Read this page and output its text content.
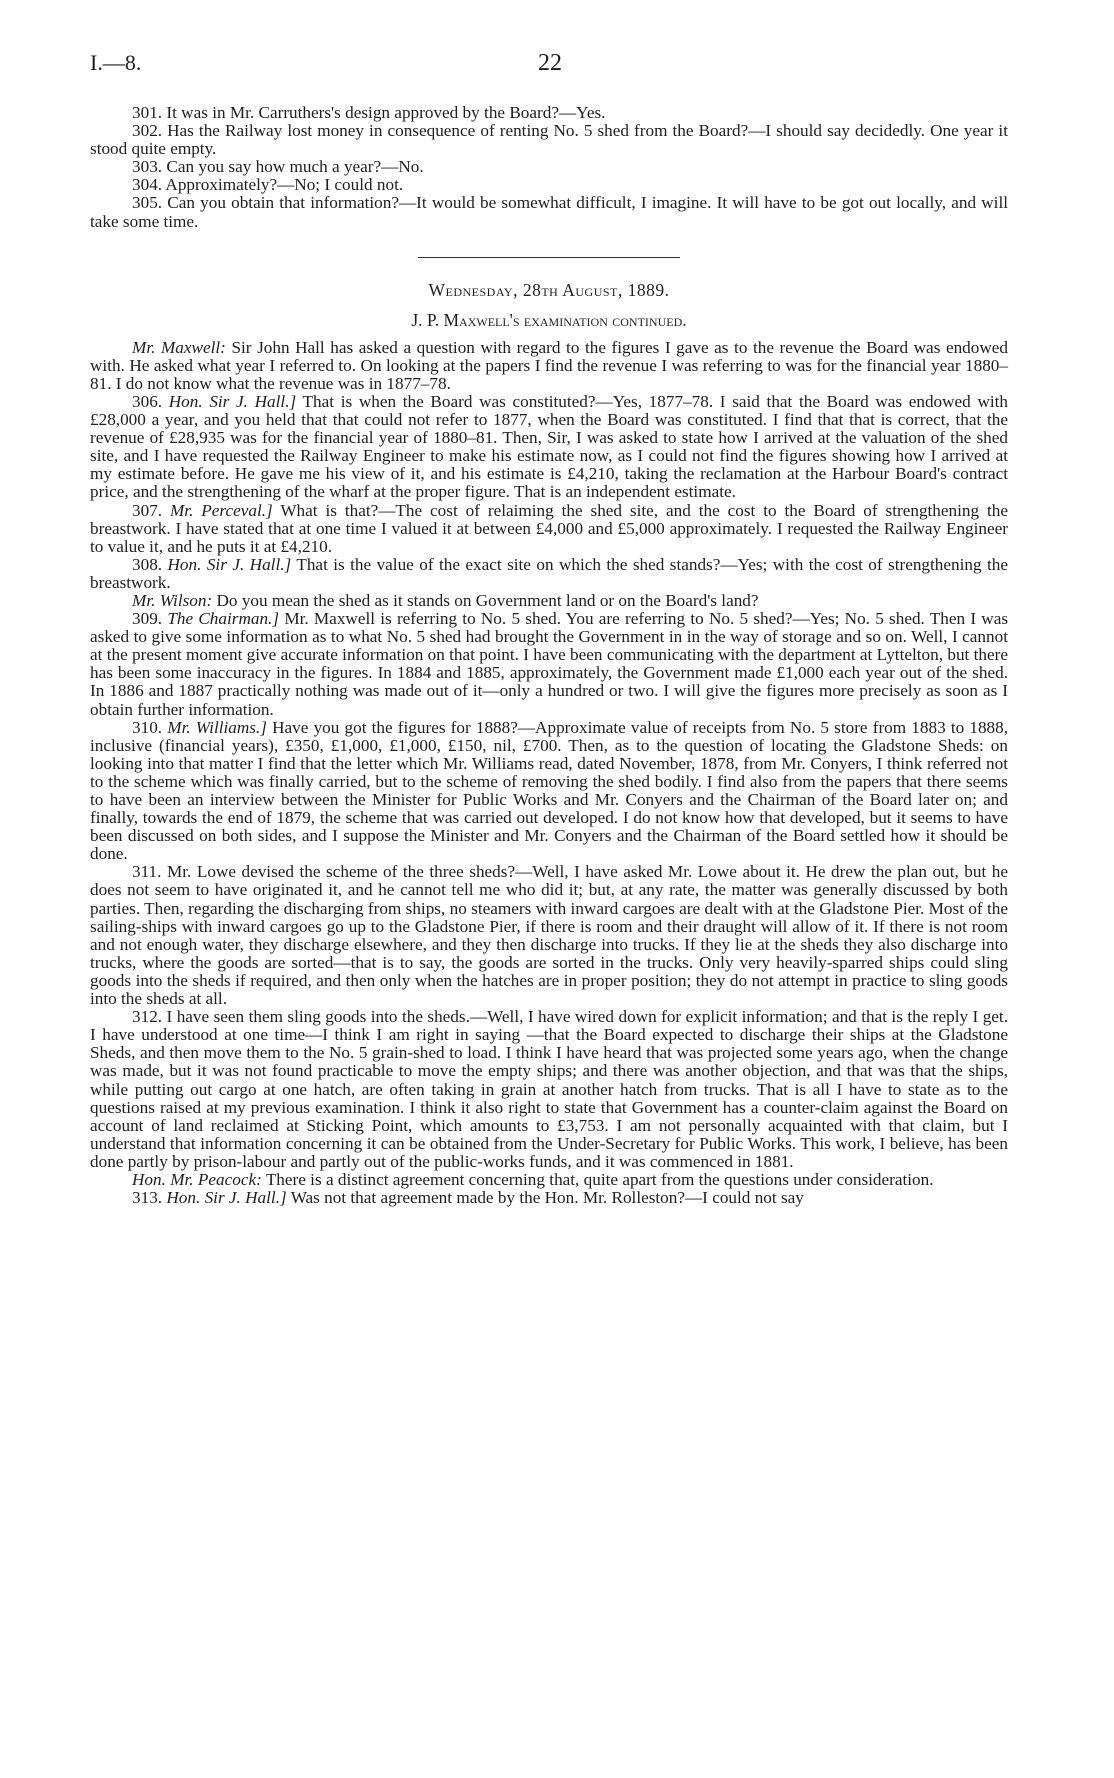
I.—8.	22

301. It was in Mr. Carruthers's design approved by the Board?—Yes.

302. Has the Railway lost money in consequence of renting No. 5 shed from the Board?—I should say decidedly. One year it stood quite empty.

303. Can you say how much a year?—No.

304. Approximately?—No; I could not.

305. Can you obtain that information?—It would be somewhat difficult, I imagine. It will have to be got out locally, and will take some time.

Wednesday, 28th August, 1889.
J. P. Maxwell's examination continued.

Mr. Maxwell: Sir John Hall has asked a question with regard to the figures I gave as to the revenue the Board was endowed with. He asked what year I referred to. On looking at the papers I find the revenue I was referring to was for the financial year 1880–81. I do not know what the revenue was in 1877–78.

306. Hon. Sir J. Hall.] That is when the Board was constituted?—Yes, 1877–78. I said that the Board was endowed with £28,000 a year, and you held that that could not refer to 1877, when the Board was constituted. I find that that is correct, that the revenue of £28,935 was for the financial year of 1880–81. Then, Sir, I was asked to state how I arrived at the valuation of the shed site, and I have requested the Railway Engineer to make his estimate now, as I could not find the figures showing how I arrived at my estimate before. He gave me his view of it, and his estimate is £4,210, taking the reclamation at the Harbour Board's contract price, and the strengthening of the wharf at the proper figure. That is an independent estimate.

307. Mr. Perceval.] What is that?—The cost of relaiming the shed site, and the cost to the Board of strengthening the breastwork. I have stated that at one time I valued it at between £4,000 and £5,000 approximately. I requested the Railway Engineer to value it, and he puts it at £4,210.

308. Hon. Sir J. Hall.] That is the value of the exact site on which the shed stands?—Yes; with the cost of strengthening the breastwork.

Mr. Wilson: Do you mean the shed as it stands on Government land or on the Board's land?

309. The Chairman.] Mr. Maxwell is referring to No. 5 shed. You are referring to No. 5 shed?—Yes; No. 5 shed. Then I was asked to give some information as to what No. 5 shed had brought the Government in in the way of storage and so on. Well, I cannot at the present moment give accurate information on that point. I have been communicating with the department at Lyttelton, but there has been some inaccuracy in the figures. In 1884 and 1885, approximately, the Government made £1,000 each year out of the shed. In 1886 and 1887 practically nothing was made out of it—only a hundred or two. I will give the figures more precisely as soon as I obtain further information.

310. Mr. Williams.] Have you got the figures for 1888?—Approximate value of receipts from No. 5 store from 1883 to 1888, inclusive (financial years), £350, £1,000, £1,000, £150, nil, £700. Then, as to the question of locating the Gladstone Sheds: on looking into that matter I find that the letter which Mr. Williams read, dated November, 1878, from Mr. Conyers, I think referred not to the scheme which was finally carried, but to the scheme of removing the shed bodily. I find also from the papers that there seems to have been an interview between the Minister for Public Works and Mr. Conyers and the Chairman of the Board later on; and finally, towards the end of 1879, the scheme that was carried out developed. I do not know how that developed, but it seems to have been discussed on both sides, and I suppose the Minister and Mr. Conyers and the Chairman of the Board settled how it should be done.

311. Mr. Lowe devised the scheme of the three sheds?—Well, I have asked Mr. Lowe about it. He drew the plan out, but he does not seem to have originated it, and he cannot tell me who did it; but, at any rate, the matter was generally discussed by both parties. Then, regarding the discharging from ships, no steamers with inward cargoes are dealt with at the Gladstone Pier. Most of the sailing-ships with inward cargoes go up to the Gladstone Pier, if there is room and their draught will allow of it. If there is not room and not enough water, they discharge elsewhere, and they then discharge into trucks. If they lie at the sheds they also discharge into trucks, where the goods are sorted—that is to say, the goods are sorted in the trucks. Only very heavily-sparred ships could sling goods into the sheds if required, and then only when the hatches are in proper position; they do not attempt in practice to sling goods into the sheds at all.

312. I have seen them sling goods into the sheds.—Well, I have wired down for explicit information; and that is the reply I get. I have understood at one time—I think I am right in saying —that the Board expected to discharge their ships at the Gladstone Sheds, and then move them to the No. 5 grain-shed to load. I think I have heard that was projected some years ago, when the change was made, but it was not found practicable to move the empty ships; and there was another objection, and that was that the ships, while putting out cargo at one hatch, are often taking in grain at another hatch from trucks. That is all I have to state as to the questions raised at my previous examination. I think it also right to state that Government has a counter-claim against the Board on account of land reclaimed at Sticking Point, which amounts to £3,753. I am not personally acquainted with that claim, but I understand that information concerning it can be obtained from the Under-Secretary for Public Works. This work, I believe, has been done partly by prison-labour and partly out of the public-works funds, and it was commenced in 1881.

Hon. Mr. Peacock: There is a distinct agreement concerning that, quite apart from the questions under consideration.

313. Hon. Sir J. Hall.] Was not that agreement made by the Hon. Mr. Rolleston?—I could not say
